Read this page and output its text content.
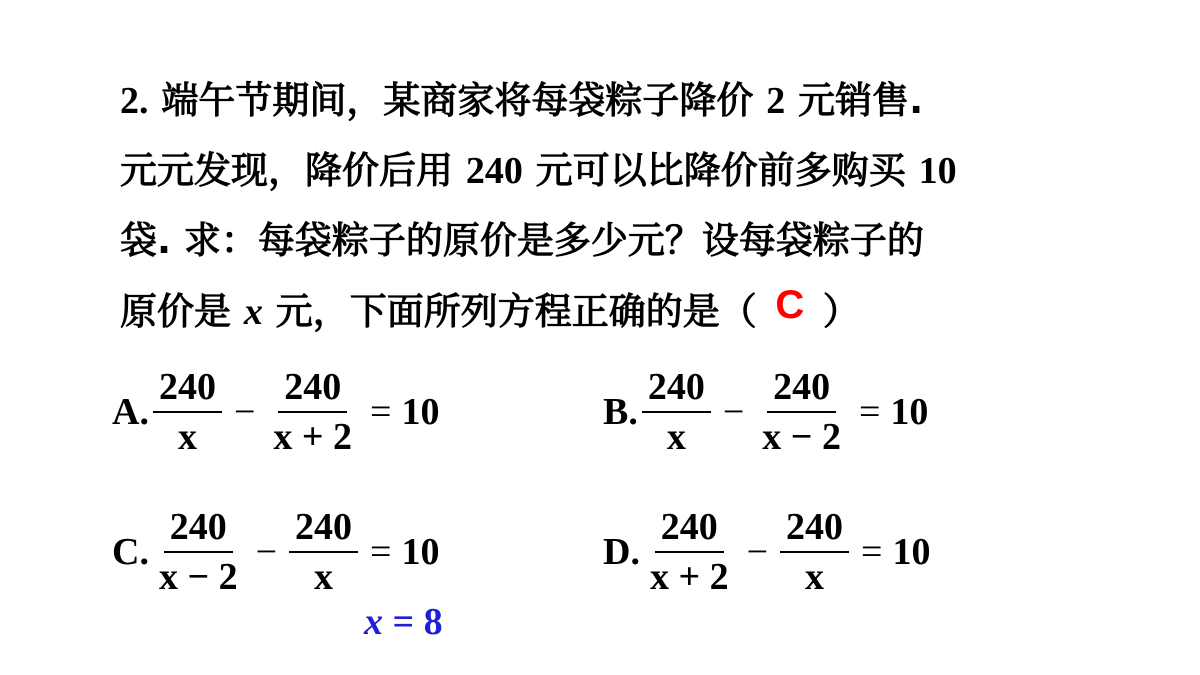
2. 端午节期间，某商家将每袋粽子降价 2 元销售.
元元发现，降价后用 240 元可以比降价前多购买 10
袋. 求：每袋粽子的原价是多少元？设每袋粽子的
原价是 x 元，下面所列方程正确的是（ C ）
A. $\frac{240}{x} - \frac{240}{x + 2} = 10$	B. $\frac{240}{x} - \frac{240}{x - 2} = 10$
C. $\frac{240}{x - 2} - \frac{240}{x} = 10$	D. $\frac{240}{x + 2} - \frac{240}{x} = 10$
x = 8
